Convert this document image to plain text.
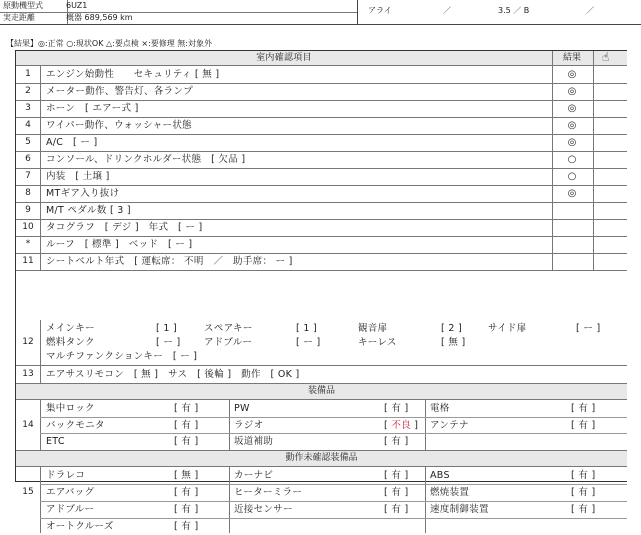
原動機型式	6UZ1
実走距離	概器 689,569 km
アライ	／	3.5 ／ B	／
【結果】◎:正常 ○:現状OK △:要点検 ×:要修理 無:対象外
室内確認項目	結果	☝
1	エンジン始動性　　セキュリティ [ 無 ]	◎
2	メーター動作、警告灯、各ランプ	◎
3	ホーン　[ エアー式 ]	◎
4	ワイパー動作、ウォッシャー状態	◎
5	A/C　[ ー ]	◎
6	コンソール、ドリンクホルダー状態　[ 欠品 ]	○
7	内装　[ 土壌 ]	○
8	MTギア入り抜け	◎
9	M/T ペダル数 [ 3 ]
10	タコグラフ　[ デジ ]　年式　[ ー ]
*	ルーフ　[ 標準 ]　ベッド　[ ー ]
11	シートベルト年式　[ 運転席： 不明　／　助手席： ー ]
12
メインキー	[ 1 ]	スペアキー	[ 1 ]	観音扉	[ 2 ]	サイド扉	[ ー ]
燃料タンク	[ ー ] アドブルー	[ ー ]	キーレス	[ 無 ]
マルチファンクションキー　[ ー ]
13	エアサスリモコン　[ 無 ]　サス　[ 後輪 ]　動作　[ OK ]
装備品
14
集中ロック	[ 有 ]	PW	[ 有 ] 電格	[ 有 ]
バックモニタ	[ 有 ]	ラジオ	[ 不良 ] アンテナ	[ 有 ]
ETC	[ 有 ]	坂道補助	[ 有 ]
動作未確認装備品
15
ドラレコ	[ 無 ]	カーナビ	[ 有 ] ABS	[ 有 ]
エアバッグ	[ 有 ]	ヒーターミラー	[ 有 ] 燃焼装置	[ 有 ]
アドブルー	[ 有 ]	近接センサー	[ 有 ] 速度制御装置	[ 有 ]
オートクルーズ	[ 有 ]
